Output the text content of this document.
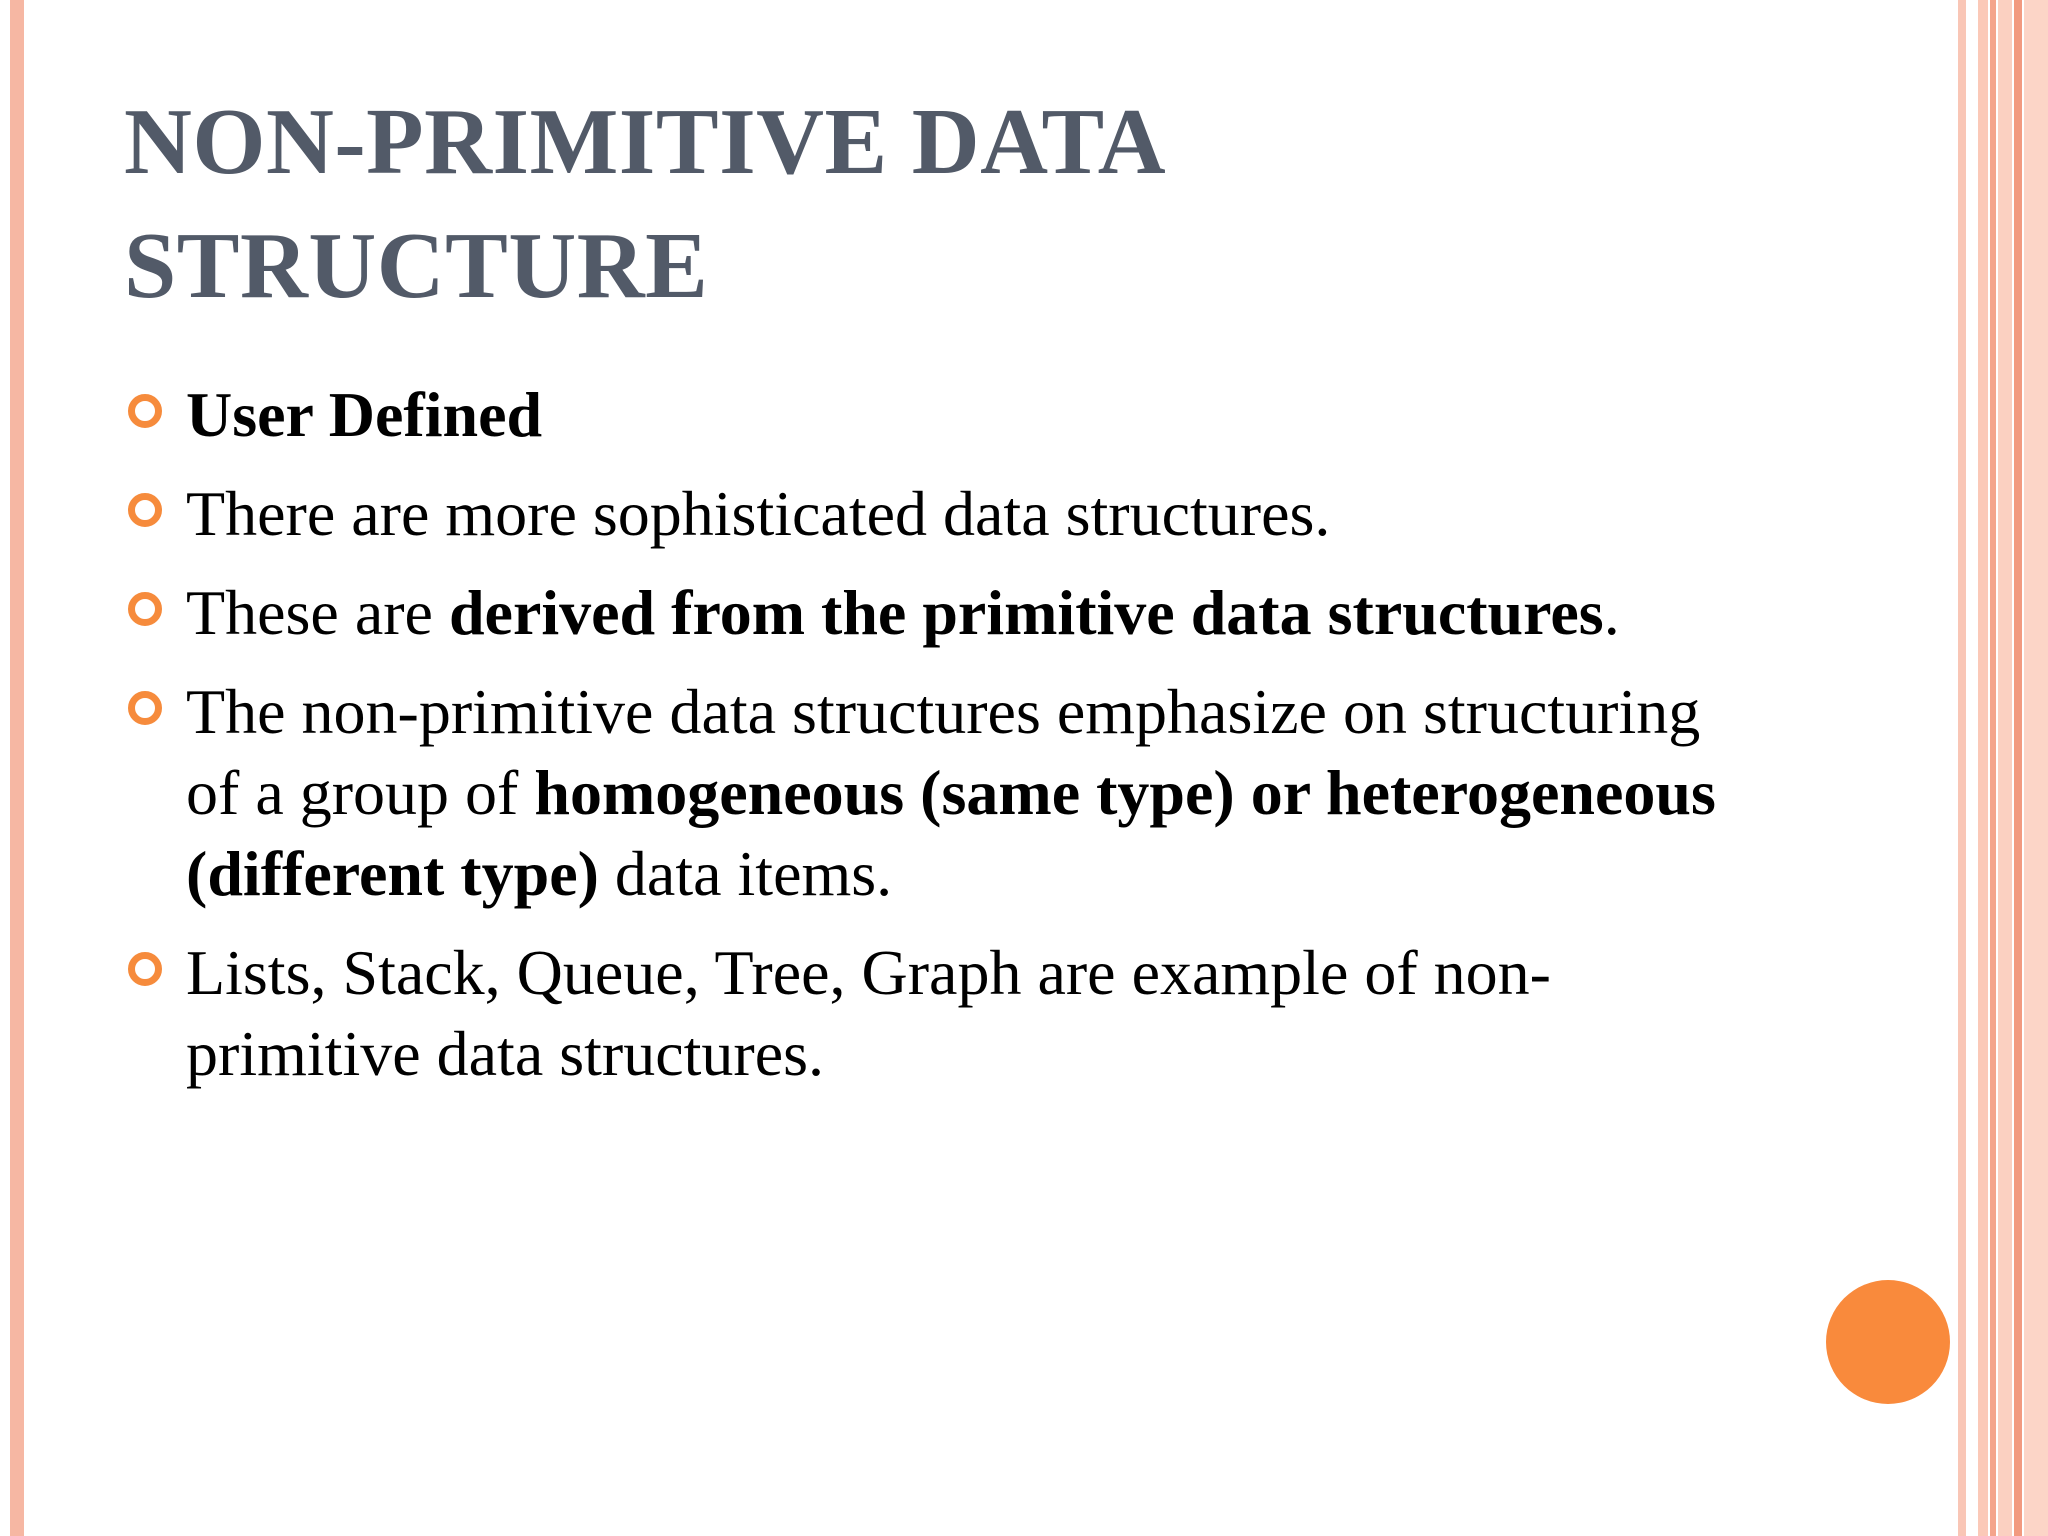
NON-PRIMITIVE DATA
STRUCTURE
User Defined
There are more sophisticated data structures.
These are derived from the primitive data structures.
The non-primitive data structures emphasize on structuring of a group of homogeneous (same type) or heterogeneous (different type) data items.
Lists, Stack, Queue, Tree, Graph are example of non-primitive data structures.
